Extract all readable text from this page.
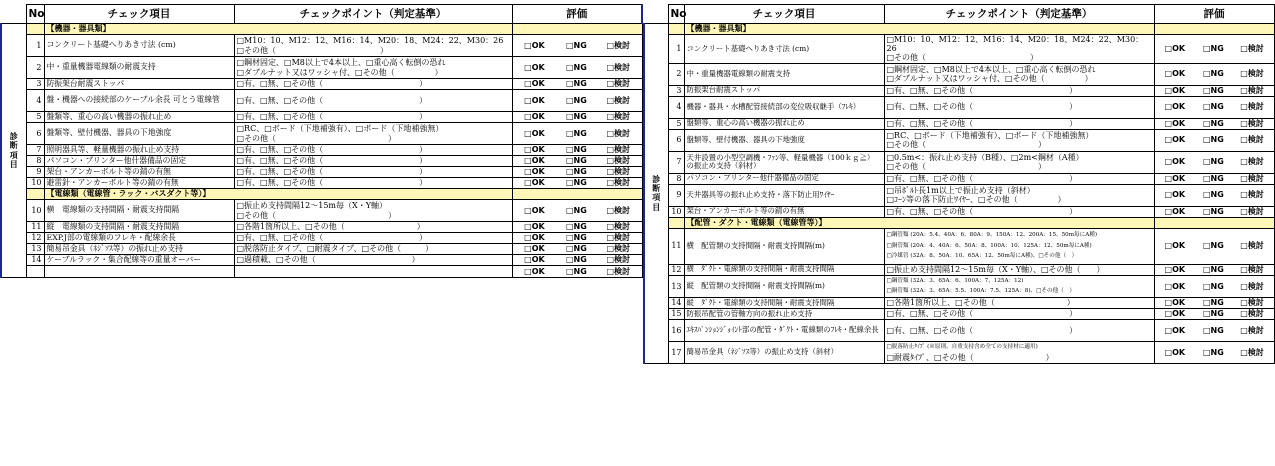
	No	チェック項目	チェックポイント（判定基準）	評価
診断項目		【機器・器具類】		
	1	コンクリート基礎へりあき寸法 (cm)	□M10：10、M12：12、M16：14、M20：18、M24：22、M30：26
□その他（　　　　　　　　　　　　　）	□OK □NG □検討
	2	中・重量機器電線類の耐震支持	□鋼材固定、□M8以上で4本以上、□重心高く転倒の恐れ
□ダブルナット又はワッシャ付、□その他（　　　　　）	□OK □NG □検討
	3	防振架台耐震ストッパ	□有、□無、□その他（　　　　　　　　　　　　）	□OK □NG □検討
	4	盤・機器への接続部のケーブル余長 可とう電線管	□有、□無、□その他（　　　　　　　　　　　　）	□OK □NG □検討
	5	盤類等、重心の高い機器の振れ止め	□有、□無、□その他（　　　　　　　　　　　　）	□OK □NG □検討
	6	盤類等、壁付機器、器具の下地強度	□RC、□ボード（下地補強有）、□ボード（下地補強無）
□その他（　　　　　　　　　　　　　　）	□OK □NG □検討
	7	照明器具等、軽量機器の振れ止め支持	□有、□無、□その他（　　　　　　　　　　　　）	□OK □NG □検討
	8	パソコン・プリンター他什器備品の固定	□有、□無、□その他（　　　　　　　　　　　　）	□OK □NG □検討
	9	架台・アンカーボルト等の錆の有無	□有、□無、□その他（　　　　　　　　　　　　）	□OK □NG □検討
	10	避雷針・アンカーボルト等の錆の有無	□有、□無、□その他（　　　　　　　　　　　　）	□OK □NG □検討
		【電線類（電線管・ラック・バスダクト等）】		
	10	横　電線類の支持間隔・耐震支持間隔	□振止め支持間隔12～15m毎（X・Y軸）
□その他（　　　　　　　　　　　　　　）	□OK □NG □検討
	11	縦　電線類の支持間隔・耐震支持間隔	□各階1箇所以上、□その他（　　　　　　　　　）	□OK □NG □検討
	12	EXP.J部の電線類のフレキ・配線余長	□有、□無、□その他（　　　　　　　　　　　　）	□OK □NG □検討
	13	簡易吊金具（ﾈｼﾞｿｽ等）の振れ止め支持	□脱落防止タイプ、□耐震タイプ、□その他（　　　）	□OK □NG □検討
	14	ケーブルラック・集合配線等の重量オーバー	□過積載、□その他（　　　　　　　　　　　　）	□OK □NG □検討
				□OK □NG □検討
	No	チェック項目	チェックポイント（判定基準）	評価
診断項目		【機器・器具類】		
	1	コンクリート基礎へりあき寸法 (cm)	□M10：10、M12：12、M16：14、M20：18、M24：22、M30：26
□その他（　　　　　　　　　　　　　）	□OK □NG □検討
	2	中・重量機器電線類の耐震支持	□鋼材固定、□M8以上で4本以上、□重心高く転倒の恐れ
□ダブルナット又はワッシャ付、□その他（　　　　　）	□OK □NG □検討
	3	防振架台耐震ストッパ	□有、□無、□その他（　　　　　　　　　　　　）	□OK □NG □検討
	4	機器・器具・水槽配管接続部の変位吸収継手（ﾌﾚｷ）	□有、□無、□その他（　　　　　　　　　　　　）	□OK □NG □検討
	5	盤類等、重心の高い機器の振れ止め	□有、□無、□その他（　　　　　　　　　　　　）	□OK □NG □検討
	6	盤類等、壁付機器、器具の下地強度	□RC、□ボード（下地補強有）、□ボード（下地補強無）
□その他（　　　　　　　　　　　　　　）	□OK □NG □検討
	7	天井設置の小型空調機・ﾌｧﾝ等、軽量機器（100ｋｇ≧）の振止め支持（斜材）	□0.5m<：振れ止め支持（B種）、□2m<鋼材（A種）
□その他（　　　　　　　　　　　　　　）	□OK □NG □検討
	8	パソコン・プリンター他什器備品の固定	□有、□無、□その他（　　　　　　　　　　　　）	□OK □NG □検討
	9	天井器具等の振れ止め支持・落下防止用ﾜｲﾔｰ	□吊ﾎﾞﾙﾄ長1m以上で振止め支持（斜材）
□ｺｰﾝ等の落下防止ﾜｲﾔｰ、□その他（　　　　　）	□OK □NG □検討
	10	架台・アンカーボルト等の錆の有無	□有、□無、□その他（　　　　　　　　　　　　）	□OK □NG □検討
		【配管・ダクト・電線類（電線管等）】		
	11	横　配管類の支持間隔・耐震支持間隔(m)	□鋼管類 (20A：5.4、40A：6、80A：9、150A：12、200A：15、50m毎にA種)
□銅管類 (20A：4、40A：6、50A：8、100A：10、125A：12、50m毎にA種)
□冷媒管 (32A：8、50A：10、65A：12、50m毎にA種)、□その他（　）	□OK □NG □検討
	12	横　ﾀﾞｸﾄ・電線類の支持間隔・耐震支持間隔	□振止め支持間隔12～15m毎（X・Y軸）、□その他（　　）	□OK □NG □検討
	13	縦　配管類の支持間隔・耐震支持間隔(m)	□鋼管類 (32A：3、65A：6、100A：7、125A：12)
□銅管類 (32A：3、65A：5.5、100A：7.5、125A：8)、□その他（　）	□OK □NG □検討
	14	縦　ﾀﾞｸﾄ・電線類の支持間隔・耐震支持間隔	□各階1箇所以上、□その他（　　　　　　　　　）	□OK □NG □検討
	15	防振吊配管の管軸方向の振れ止め支持	□有、□無、□その他（　　　　　　　　　　　　）	□OK □NG □検討
	16	ｴｷｽﾊﾟﾝｼｮﾝｼﾞｮｲﾝﾄ部の配管・ﾀﾞｸﾄ・電線類のﾌﾚｷ・配線余長	□有、□無、□その他（　　　　　　　　　　　　）	□OK □NG □検討
	17	簡易吊金具（ﾈｼﾞｿｽ等）の振止め支持（斜材）	□脱落防止ﾀｲﾌﾟ (※原則、自重支持含め全ての支持材に適用)
□耐震ﾀｲﾌﾟ、□その他（　　　　　　　　　）	□OK □NG □検討
